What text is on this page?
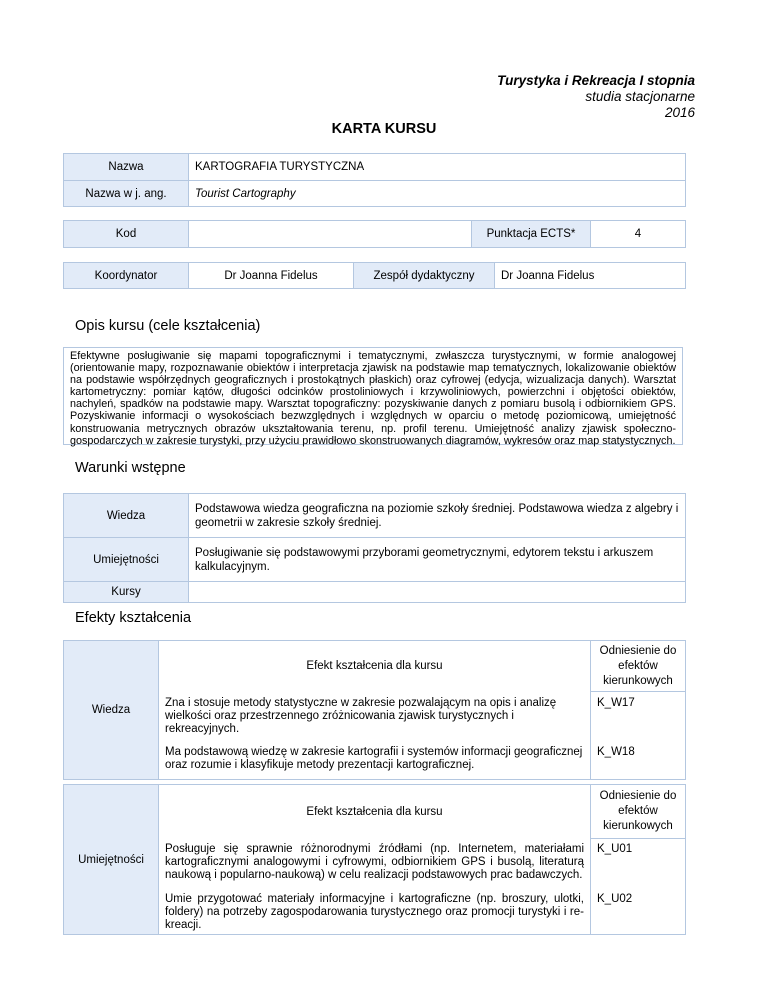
Turystyka i Rekreacja I stopnia
studia stacjonarne
2016
KARTA KURSU
Nazwa	KARTOGRAFIA TURYSTYCZNA
Nazwa w j. ang.	Tourist Cartography
Kod		Punktacja ECTS*	4
Koordynator	Dr Joanna Fidelus	Zespół dydaktyczny	Dr Joanna Fidelus
Opis kursu (cele kształcenia)
Efektywne posługiwanie się mapami topograficznymi i tematycznymi, zwłaszcza turystycznymi, w formie analogowej (orientowanie mapy, rozpoznawanie obiektów i interpretacja zjawisk na podstawie map tematycznych, lokalizowanie obiektów na podstawie współrzędnych geograficznych i prostokątnych płaskich) oraz cyfrowej (edycja, wizualizacja danych). Warsztat kartometryczny: pomiar kątów, długości odcinków prostoliniowych i krzywoliniowych, powierzchni i objętości obiektów, nachyleń, spadków na podstawie mapy. Warsztat topograficzny: pozyskiwanie danych z pomiaru busolą i odbiornikiem GPS. Pozyskiwanie informacji o wysokościach bezwzględnych i względnych w oparciu o metodę poziomicową, umiejętność konstruowania metrycznych obrazów ukształtowania terenu, np. profil terenu. Umiejętność analizy zjawisk społeczno-gospodarczych w zakresie turystyki, przy użyciu prawidłowo skonstruowanych diagramów, wykresów oraz map statystycznych.
Warunki wstępne
Wiedza	Podstawowa wiedza geograficzna na poziomie szkoły średniej. Podstawowa wiedza z algebry i geometrii w zakresie szkoły średniej.
Umiejętności	Posługiwanie się podstawowymi przyborami geometrycznymi, edytorem tekstu i arkuszem kalkulacyjnym.
Kursy	
Efekty kształcenia
Wiedza	Efekt kształcenia dla kursu	Odniesienie do efektów kierunkowych
	Zna i stosuje metody statystyczne w zakresie pozwalającym na opis i analizę wielkości oraz przestrzennego zróżnicowania zjawisk turystycznych i rekreacyjnych.	K_W17
	Ma podstawową wiedzę w zakresie kartografii i systemów informacji geograficznej oraz rozumie i klasyfikuje metody prezentacji kartograficznej.	K_W18
Umiejętności	Efekt kształcenia dla kursu	Odniesienie do efektów kierunkowych
	Posługuje się sprawnie różnorodnymi źródłami (np. Internetem, materiałami kartograficznymi analogowymi i cyfrowymi, odbiornikiem GPS i busolą, literaturą naukową i popularno-naukową) w celu realizacji podstawowych prac badawczych.	K_U01
	Umie przygotować materiały informacyjne i kartograficzne (np. broszury, ulotki, foldery) na potrzeby zagospodarowania turystycznego oraz promocji turystyki i re-kreacji.	K_U02
